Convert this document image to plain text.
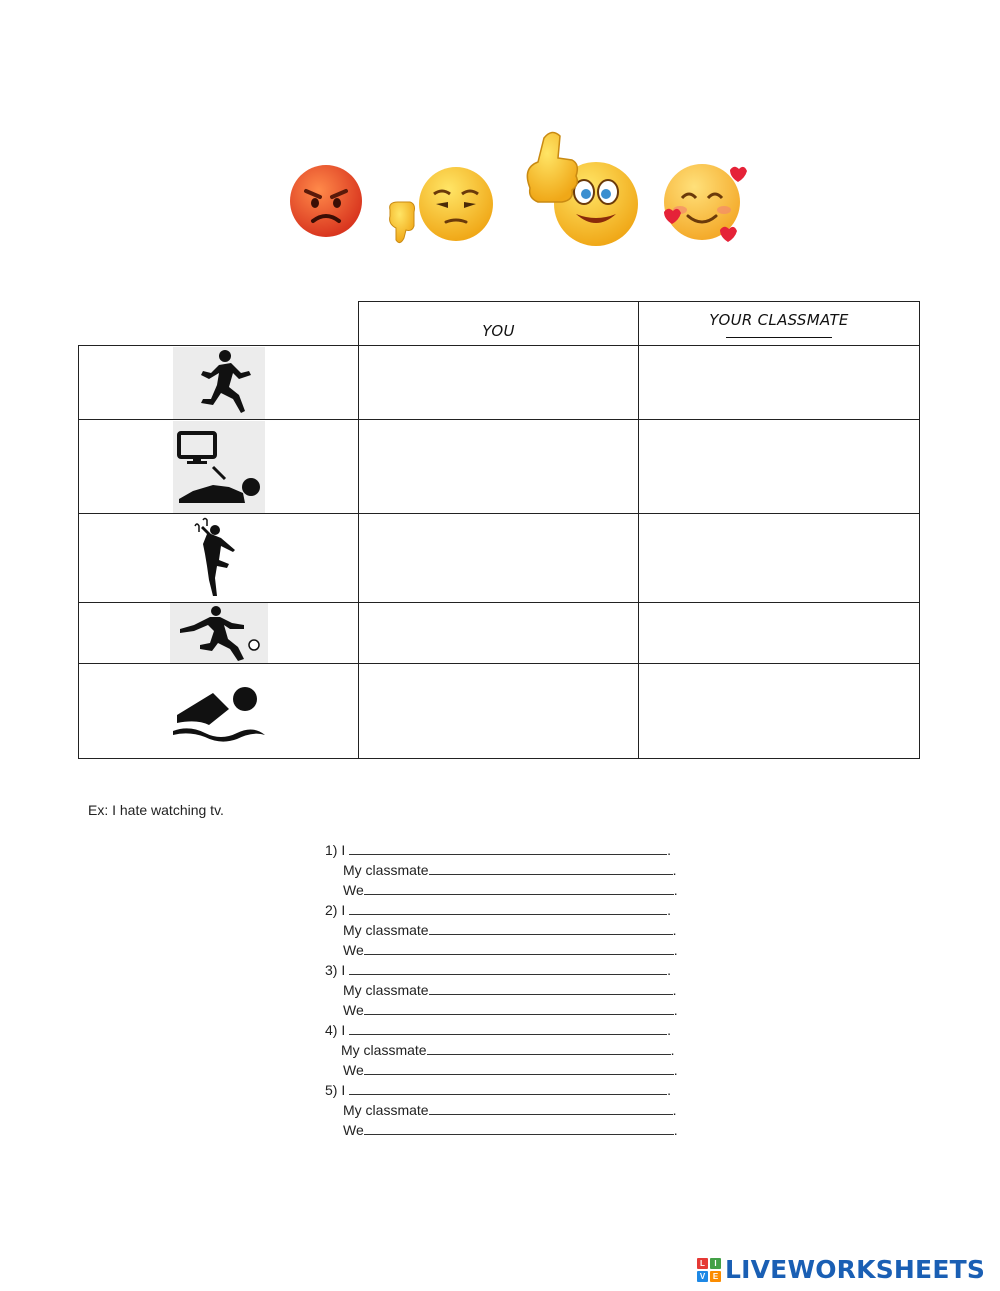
	YOU	YOUR CLASSMATE

Ex: I hate watching tv.
1) I	.
My classmate	.
We	.
2) I	.
My classmate	.
We	.
3) I	.
My classmate	.
We	.
4) I	.
My classmate	.
We	.
5) I	.
My classmate	.
We	.
L	I
V E LIVEWORKSHEETS
